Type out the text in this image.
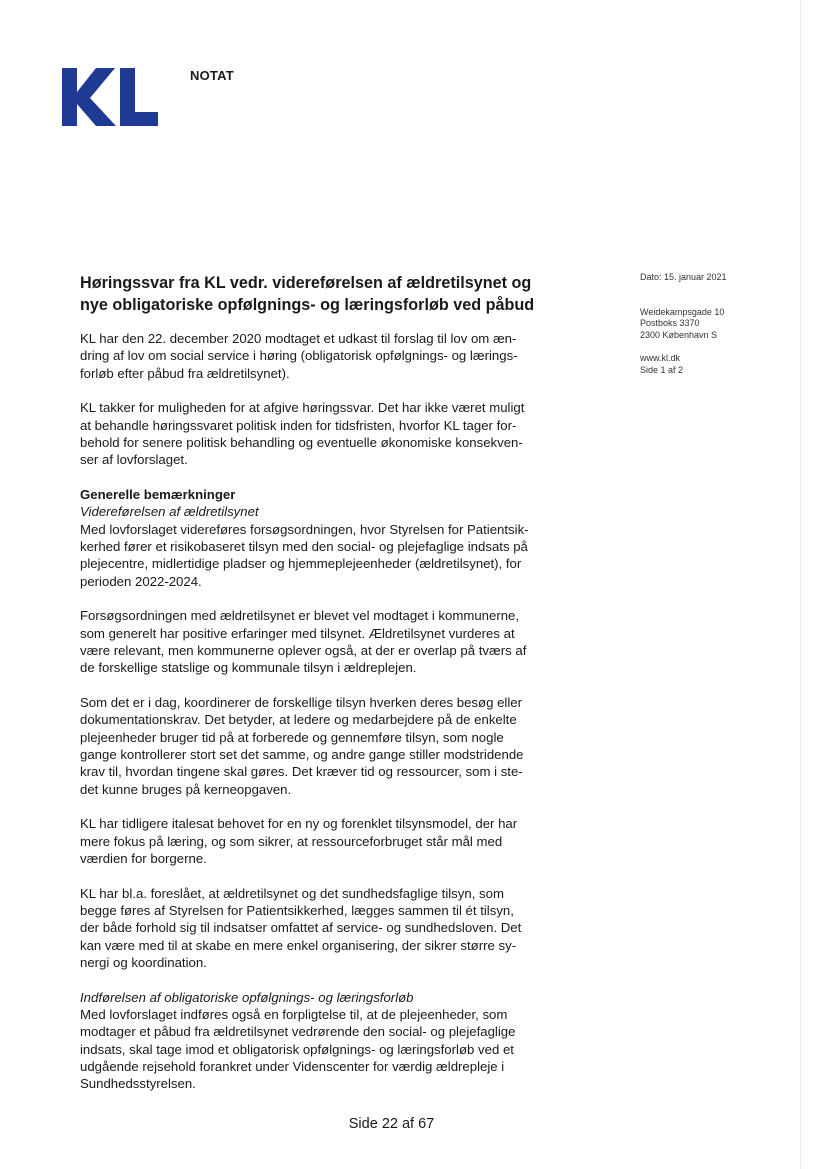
NOTAT
Dato: 15. januar 2021
Weidekampsgade 10
Postboks 3370
2300 København S
www.kl.dk
Side 1 af 2
Høringssvar fra KL vedr. videreførelsen af ældretilsynet og
nye obligatoriske opfølgnings- og læringsforløb ved påbud
KL har den 22. december 2020 modtaget et udkast til forslag til lov om æn-
dring af lov om social service i høring (obligatorisk opfølgnings- og lærings-
forløb efter påbud fra ældretilsynet).
KL takker for muligheden for at afgive høringssvar. Det har ikke været muligt
at behandle høringssvaret politisk inden for tidsfristen, hvorfor KL tager for-
behold for senere politisk behandling og eventuelle økonomiske konsekven-
ser af lovforslaget.
Generelle bemærkninger
Videreførelsen af ældretilsynet
Med lovforslaget videreføres forsøgsordningen, hvor Styrelsen for Patientsik-
kerhed fører et risikobaseret tilsyn med den social- og plejefaglige indsats på
plejecentre, midlertidige pladser og hjemmeplejeenheder (ældretilsynet), for
perioden 2022-2024.
Forsøgsordningen med ældretilsynet er blevet vel modtaget i kommunerne,
som generelt har positive erfaringer med tilsynet. Ældretilsynet vurderes at
være relevant, men kommunerne oplever også, at der er overlap på tværs af
de forskellige statslige og kommunale tilsyn i ældreplejen.
Som det er i dag, koordinerer de forskellige tilsyn hverken deres besøg eller
dokumentationskrav. Det betyder, at ledere og medarbejdere på de enkelte
plejeenheder bruger tid på at forberede og gennemføre tilsyn, som nogle
gange kontrollerer stort set det samme, og andre gange stiller modstridende
krav til, hvordan tingene skal gøres. Det kræver tid og ressourcer, som i ste-
det kunne bruges på kerneopgaven.
KL har tidligere italesat behovet for en ny og forenklet tilsynsmodel, der har
mere fokus på læring, og som sikrer, at ressourceforbruget står mål med
værdien for borgerne.
KL har bl.a. foreslået, at ældretilsynet og det sundhedsfaglige tilsyn, som
begge føres af Styrelsen for Patientsikkerhed, lægges sammen til ét tilsyn,
der både forhold sig til indsatser omfattet af service- og sundhedsloven. Det
kan være med til at skabe en mere enkel organisering, der sikrer større sy-
nergi og koordination.
Indførelsen af obligatoriske opfølgnings- og læringsforløb
Med lovforslaget indføres også en forpligtelse til, at de plejeenheder, som
modtager et påbud fra ældretilsynet vedrørende den social- og plejefaglige
indsats, skal tage imod et obligatorisk opfølgnings- og læringsforløb ved et
udgående rejsehold forankret under Videnscenter for værdig ældrepleje i
Sundhedsstyrelsen.
Side 22 af 67
